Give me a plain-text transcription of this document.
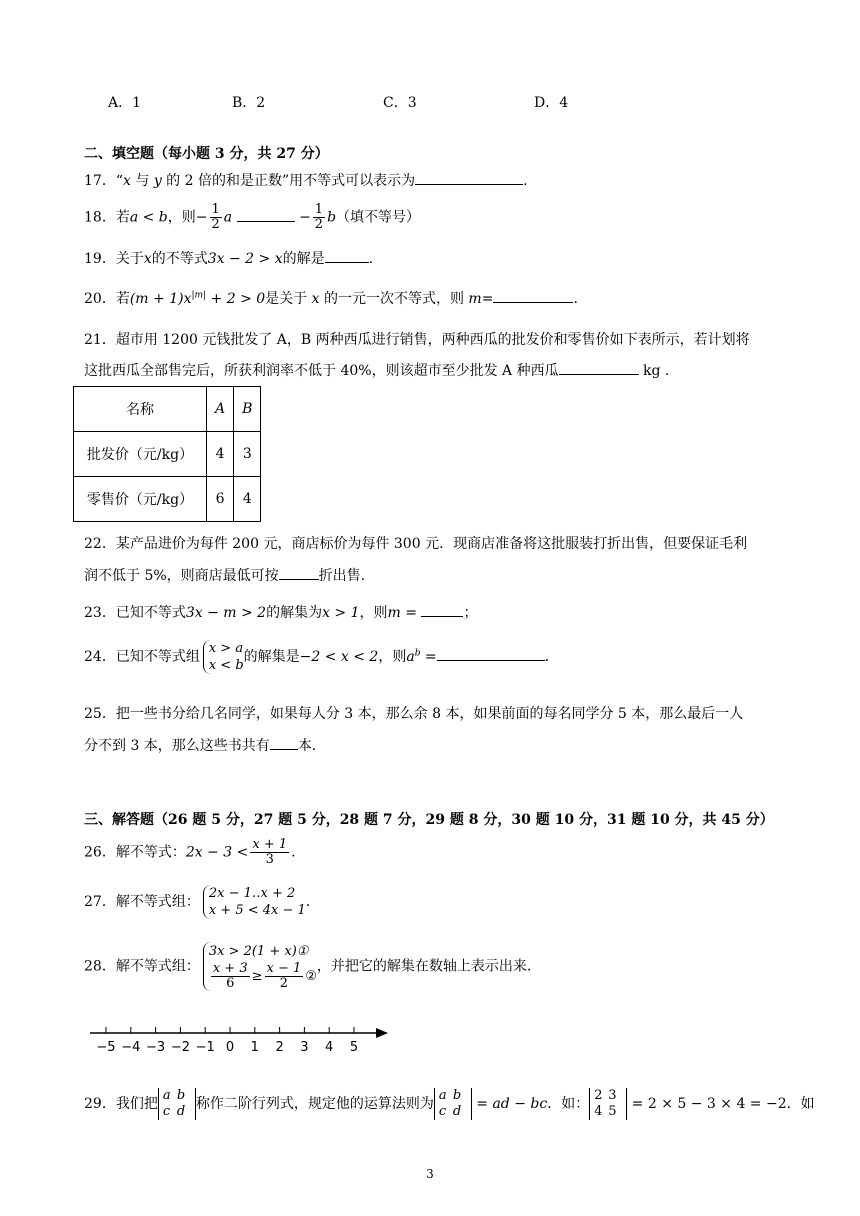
A．1	B．2	C．3	D．4
二、填空题（每小题 3 分，共 27 分）
17．“x 与 y 的 2 倍的和是正数”用不等式可以表示为	.
18．若a < b，则− $\frac{1}{2}$ a	− $\frac{1}{2} b$（填不等号）
19．关于x的不等式3x − 2 > x的解是	.
20．若$(m + 1)x^{|m|} + 2 > 0$是关于 x 的一元一次不等式，则 m=	.
21．超市用 1200 元钱批发了 A，B 两种西瓜进行销售，两种西瓜的批发价和零售价如下表所示，若计划将
这批西瓜全部售完后，所获利润率不低于 40%，则该超市至少批发 A 种西瓜	kg .
名称	A	B
批发价（元/kg）	4	3
零售价（元/kg）	6	4
22．某产品进价为每件 200 元，商店标价为每件 300 元．现商店准备将这批服装打折出售，但要保证毛利
润不低于 5%，则商店最低可按	折出售.
23．已知不等式3x − m > 2的解集为x > 1，则m =	；
24．已知不等式组
x > a
x < b
的解集是−2 < x < 2，则$a^b$ =	.
25．把一些书分给几名同学，如果每人分 3 本，那么余 8 本，如果前面的每名同学分 5 本，那么最后一人
分不到 3 本，那么这些书共有 本.
三、解答题（26 题 5 分，27 题 5 分，28 题 7 分，29 题 8 分，30 题 10 分，31 题 10 分，共 45 分）
26．解不等式：$2x - 3 < \frac{x + 1}{3}$ .
27．解不等式组：
2x − 1‥x + 2
x + 5 < 4x − 1
.
28．解不等式组：
3x > 2(1 + x)①
$\frac{x + 3}{6} \ge \frac{x - 1}{2}$ ②
，并把它的解集在数轴上表示出来.
−5 −4 −3 −2 −1 0 1 2 3 4 5
29．我们把a b
c d 称作二阶行列式，规定他的运算法则为a b
c d = ad − bc．如：2 3
4 5 = 2 × 5 − 3 × 4 = −2．如
3
